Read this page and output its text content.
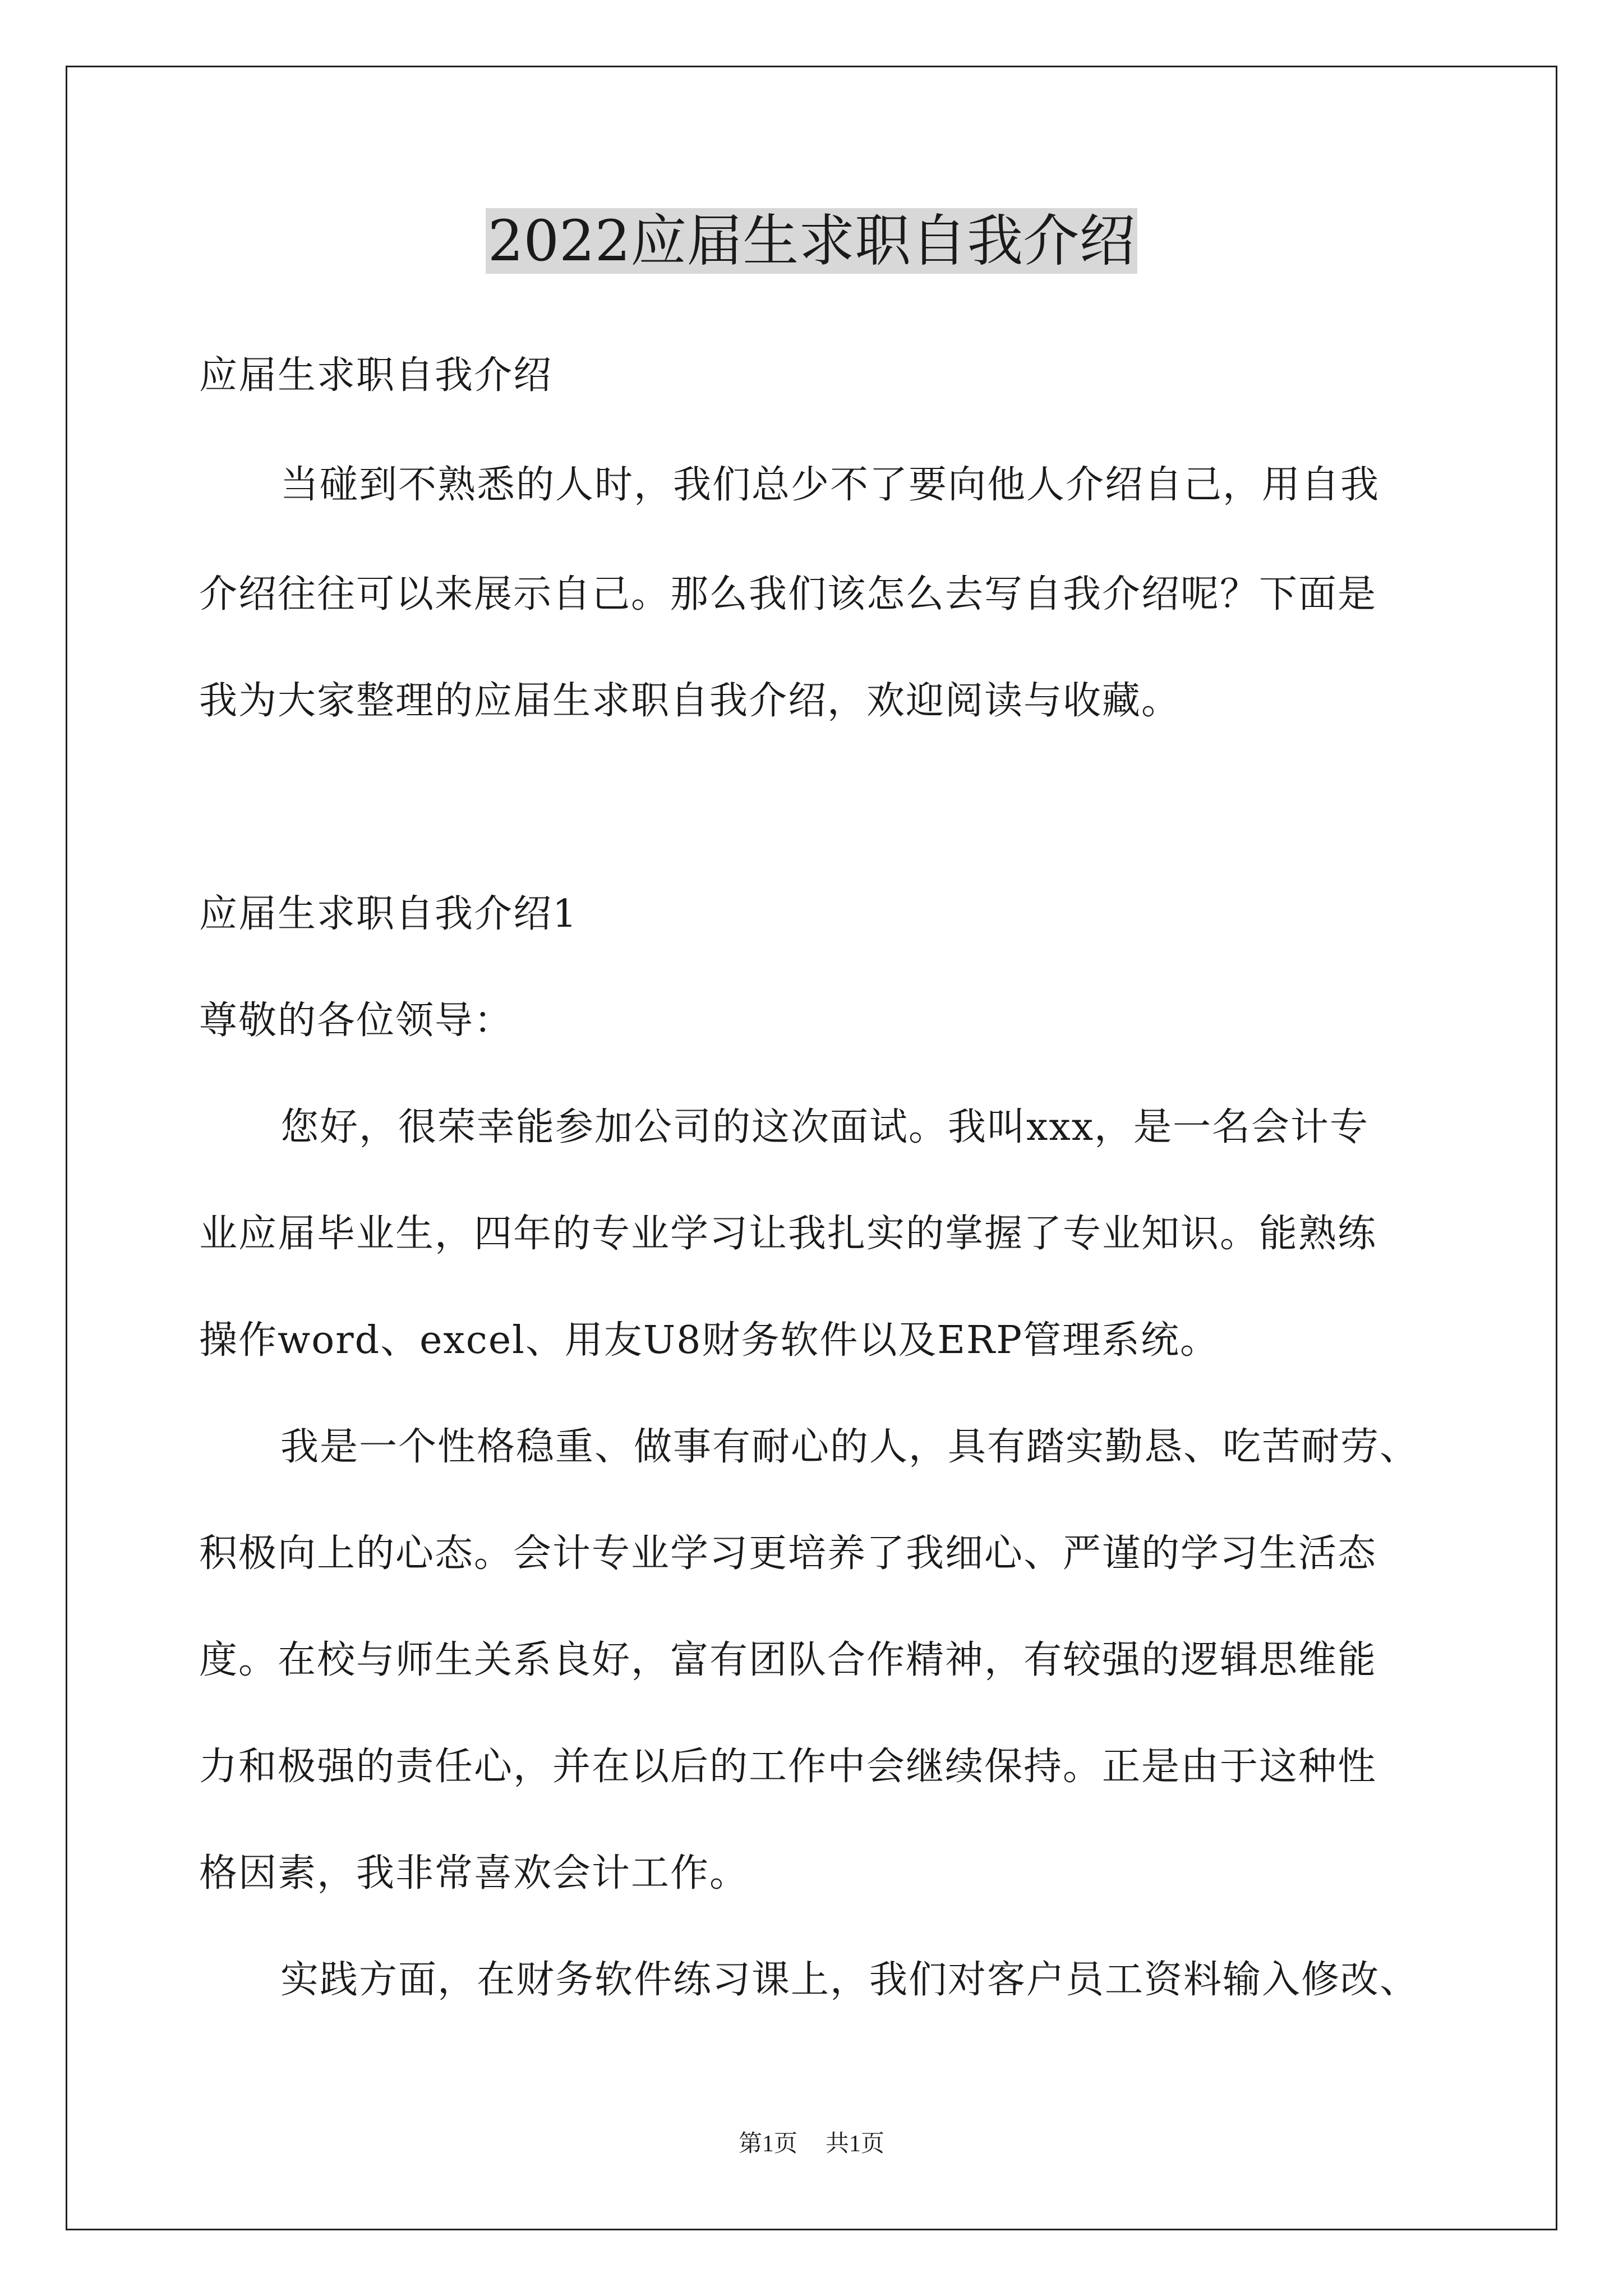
2022应届生求职自我介绍
应届生求职自我介绍
当碰到不熟悉的人时，我们总少不了要向他人介绍自己，用自我
介绍往往可以来展示自己。那么我们该怎么去写自我介绍呢？下面是
我为大家整理的应届生求职自我介绍，欢迎阅读与收藏。
应届生求职自我介绍1
尊敬的各位领导：
您好，很荣幸能参加公司的这次面试。我叫xxx，是一名会计专
业应届毕业生，四年的专业学习让我扎实的掌握了专业知识。能熟练
操作word、excel、用友U8财务软件以及ERP管理系统。
我是一个性格稳重、做事有耐心的人，具有踏实勤恳、吃苦耐劳、
积极向上的心态。会计专业学习更培养了我细心、严谨的学习生活态
度。在校与师生关系良好，富有团队合作精神，有较强的逻辑思维能
力和极强的责任心，并在以后的工作中会继续保持。正是由于这种性
格因素，我非常喜欢会计工作。
实践方面，在财务软件练习课上，我们对客户员工资料输入修改、
第1页 共1页
